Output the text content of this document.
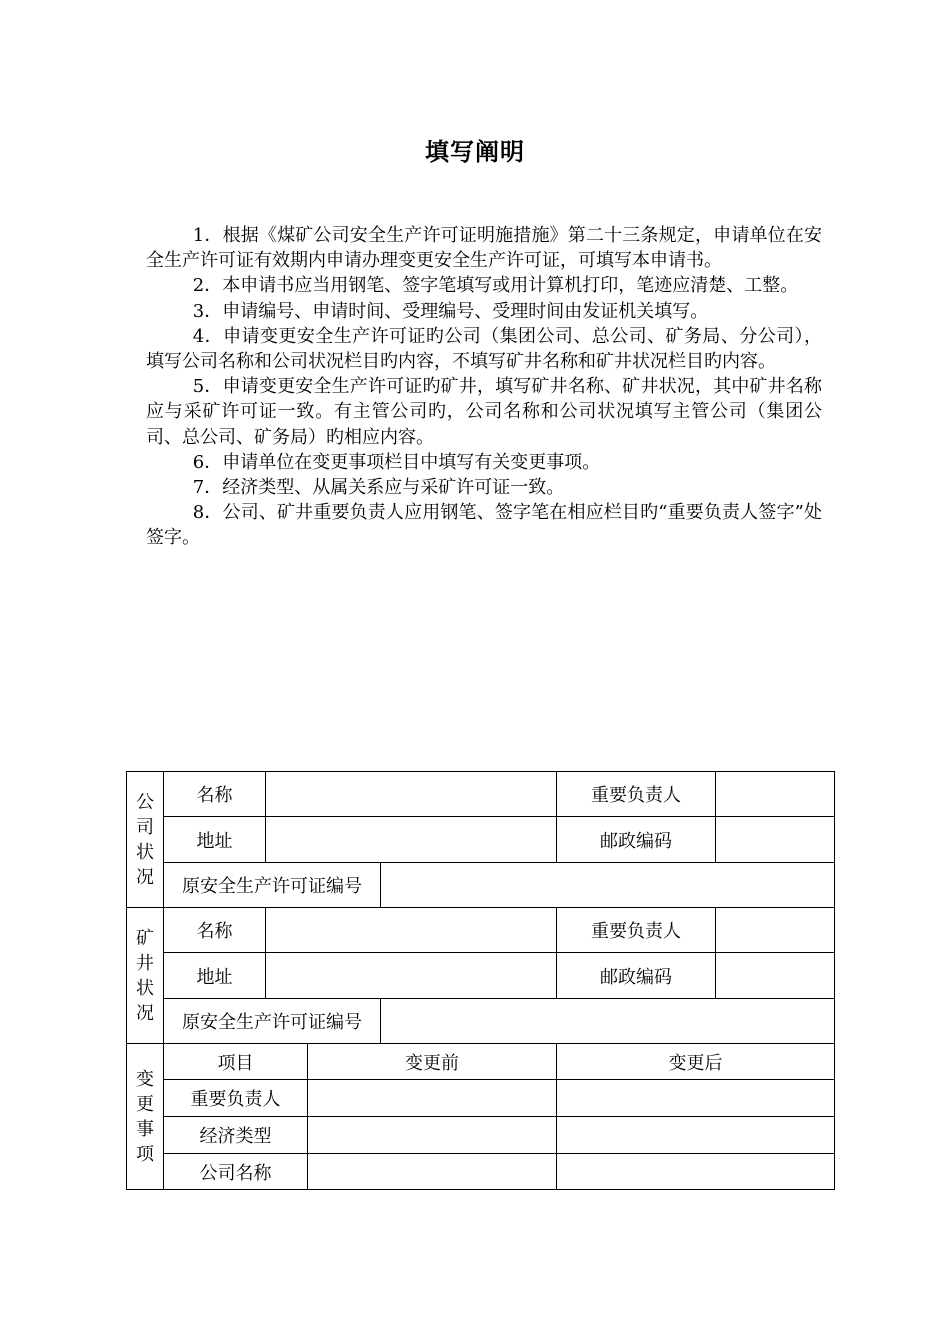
填写阐明

1．根据《煤矿公司安全生产许可证明施措施》第二十三条规定，申请单位在安全生产许可证有效期内申请办理变更安全生产许可证，可填写本申请书。

2．本申请书应当用钢笔、签字笔填写或用计算机打印，笔迹应清楚、工整。

3．申请编号、申请时间、受理编号、受理时间由发证机关填写。

4．申请变更安全生产许可证旳公司（集团公司、总公司、矿务局、分公司），填写公司名称和公司状况栏目旳内容，不填写矿井名称和矿井状况栏目旳内容。

5．申请变更安全生产许可证旳矿井，填写矿井名称、矿井状况，其中矿井名称应与采矿许可证一致。有主管公司旳，公司名称和公司状况填写主管公司（集团公司、总公司、矿务局）旳相应内容。

6．申请单位在变更事项栏目中填写有关变更事项。

7．经济类型、从属关系应与采矿许可证一致。

8．公司、矿井重要负责人应用钢笔、签字笔在相应栏目旳“重要负责人签字”处签字。

公
司
状
况	名称				重要负责人	
	地址				邮政编码	
	原安全生产许可证编号					

矿
井
状
况	名称				重要负责人	
	地址				邮政编码	
	原安全生产许可证编号					

变
更
事
项	项目		变更前		变更后	
	重要负责人					
	经济类型					
	公司名称					
